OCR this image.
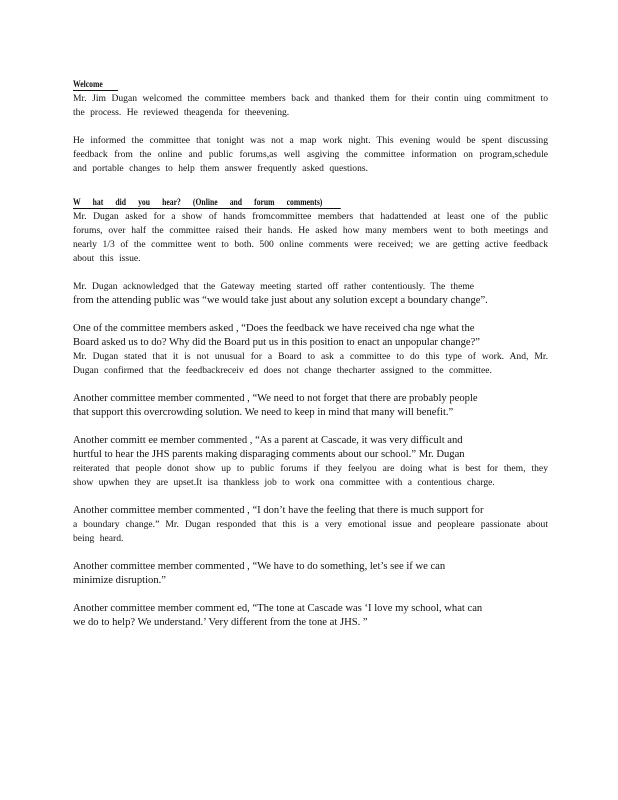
Welcome

Mr. Jim Dugan welcomed the committee members back and thanked them for their contin uing commitment to the process. He reviewed theagenda for theevening.

He informed the committee that tonight was not a map work night. This evening would be spent discussing feedback from the online and public forums,as well asgiving the committee information on program,schedule and portable changes to help them answer frequently asked questions.

W hat did you hear? (Online and forum comments)

Mr. Dugan asked for a show of hands fromcommittee members that hadattended at least one of the public forums, over half the committee raised their hands. He asked how many members went to both meetings and nearly 1/3 of the committee went to both. 500 online comments were received; we are getting active feedback about this issue.

Mr. Dugan acknowledged that the Gateway meeting started off rather contentiously. The theme

from the attending public was “we would take just about any solution except a boundary change”.

One of the committee members asked , “Does the feedback we have received cha nge what the

Board asked us to do? Why did the Board put us in this position to enact an unpopular change?”

Mr. Dugan stated that it is not unusual for a Board to ask a committee to do this type of work. And, Mr. Dugan confirmed that the feedbackreceiv ed does not change thecharter assigned to the committee.

Another committee member commented , “We need to not forget that there are probably people

that support this overcrowding solution. We need to keep in mind that many will benefit.”

Another committ ee member commented , “As a parent at Cascade, it was very difficult and

hurtful to hear the JHS parents making disparaging comments about our school.” Mr. Dugan

reiterated that people donot show up to public forums if they feelyou are doing what is best for them, they show upwhen they are upset.It isa thankless job to work ona committee with a contentious charge.

Another committee member commented , “I don’t have the feeling that there is much support for

a boundary change.” Mr. Dugan responded that this is a very emotional issue and peopleare passionate about being heard.

Another committee member commented , “We have to do something, let’s see if we can

minimize disruption.”

Another committee member comment ed, “The tone at Cascade was ‘I love my school, what can

we do to help? We understand.’ Very different from the tone at JHS. ”
